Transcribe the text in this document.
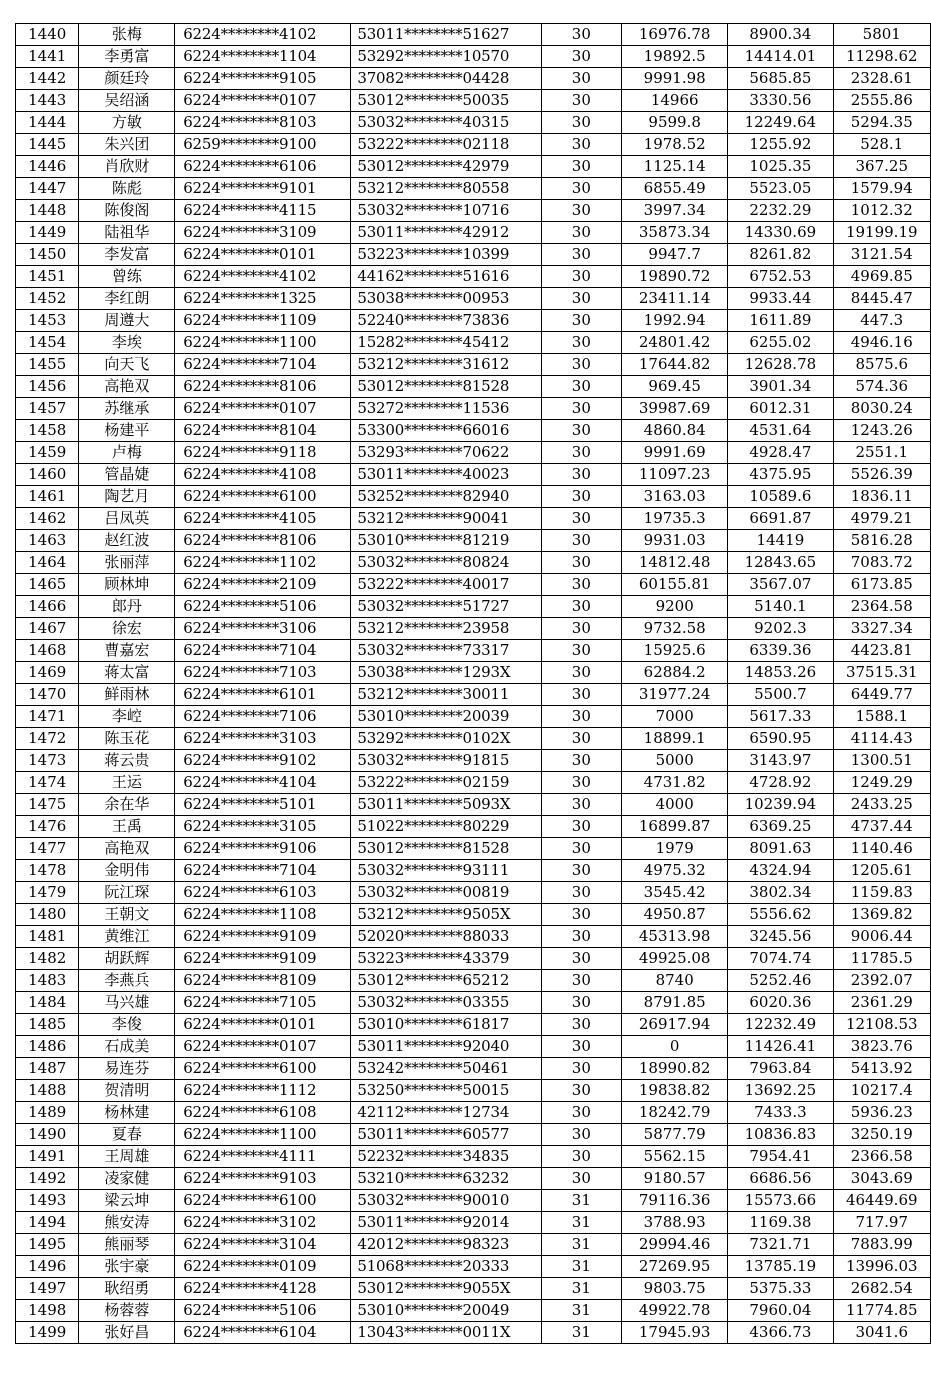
1440	张梅	6224********4102	53011********51627	30	16976.78	8900.34	5801
1441	李勇富	6224********1104	53292********10570	30	19892.5	14414.01	11298.62
1442	颜廷玲	6224********9105	37082********04428	30	9991.98	5685.85	2328.61
1443	吴绍涵	6224********0107	53012********50035	30	14966	3330.56	2555.86
1444	方敏	6224********8103	53032********40315	30	9599.8	12249.64	5294.35
1445	朱兴团	6259********9100	53222********02118	30	1978.52	1255.92	528.1
1446	肖欣财	6224********6106	53012********42979	30	1125.14	1025.35	367.25
1447	陈彪	6224********9101	53212********80558	30	6855.49	5523.05	1579.94
1448	陈俊阁	6224********4115	53032********10716	30	3997.34	2232.29	1012.32
1449	陆祖华	6224********3109	53011********42912	30	35873.34	14330.69	19199.19
1450	李发富	6224********0101	53223********10399	30	9947.7	8261.82	3121.54
1451	曾练	6224********4102	44162********51616	30	19890.72	6752.53	4969.85
1452	李红朗	6224********1325	53038********00953	30	23411.14	9933.44	8445.47
1453	周遵大	6224********1109	52240********73836	30	1992.94	1611.89	447.3
1454	李埃	6224********1100	15282********45412	30	24801.42	6255.02	4946.16
1455	向天飞	6224********7104	53212********31612	30	17644.82	12628.78	8575.6
1456	高艳双	6224********8106	53012********81528	30	969.45	3901.34	574.36
1457	苏继承	6224********0107	53272********11536	30	39987.69	6012.31	8030.24
1458	杨建平	6224********8104	53300********66016	30	4860.84	4531.64	1243.26
1459	卢梅	6224********9118	53293********70622	30	9991.69	4928.47	2551.1
1460	管晶婕	6224********4108	53011********40023	30	11097.23	4375.95	5526.39
1461	陶艺月	6224********6100	53252********82940	30	3163.03	10589.6	1836.11
1462	吕凤英	6224********4105	53212********90041	30	19735.3	6691.87	4979.21
1463	赵红波	6224********8106	53010********81219	30	9931.03	14419	5816.28
1464	张丽萍	6224********1102	53032********80824	30	14812.48	12843.65	7083.72
1465	顾林坤	6224********2109	53222********40017	30	60155.81	3567.07	6173.85
1466	郎丹	6224********5106	53032********51727	30	9200	5140.1	2364.58
1467	徐宏	6224********3106	53212********23958	30	9732.58	9202.3	3327.34
1468	曹嘉宏	6224********7104	53032********73317	30	15925.6	6339.36	4423.81
1469	蒋太富	6224********7103	53038********1293X	30	62884.2	14853.26	37515.31
1470	鲜雨林	6224********6101	53212********30011	30	31977.24	5500.7	6449.77
1471	李崆	6224********7106	53010********20039	30	7000	5617.33	1588.1
1472	陈玉花	6224********3103	53292********0102X	30	18899.1	6590.95	4114.43
1473	蒋云贵	6224********9102	53032********91815	30	5000	3143.97	1300.51
1474	王运	6224********4104	53222********02159	30	4731.82	4728.92	1249.29
1475	余在华	6224********5101	53011********5093X	30	4000	10239.94	2433.25
1476	王禹	6224********3105	51022********80229	30	16899.87	6369.25	4737.44
1477	高艳双	6224********9106	53012********81528	30	1979	8091.63	1140.46
1478	金明伟	6224********7104	53032********93111	30	4975.32	4324.94	1205.61
1479	阮江琛	6224********6103	53032********00819	30	3545.42	3802.34	1159.83
1480	王朝文	6224********1108	53212********9505X	30	4950.87	5556.62	1369.82
1481	黄维江	6224********9109	52020********88033	30	45313.98	3245.56	9006.44
1482	胡跃辉	6224********9109	53223********43379	30	49925.08	7074.74	11785.5
1483	李燕兵	6224********8109	53012********65212	30	8740	5252.46	2392.07
1484	马兴雄	6224********7105	53032********03355	30	8791.85	6020.36	2361.29
1485	李俊	6224********0101	53010********61817	30	26917.94	12232.49	12108.53
1486	石成美	6224********0107	53011********92040	30	0	11426.41	3823.76
1487	易连芬	6224********6100	53242********50461	30	18990.82	7963.84	5413.92
1488	贺清明	6224********1112	53250********50015	30	19838.82	13692.25	10217.4
1489	杨林建	6224********6108	42112********12734	30	18242.79	7433.3	5936.23
1490	夏春	6224********1100	53011********60577	30	5877.79	10836.83	3250.19
1491	王周雄	6224********4111	52232********34835	30	5562.15	7954.41	2366.58
1492	凌家健	6224********9103	53210********63232	30	9180.57	6686.56	3043.69
1493	梁云坤	6224********6100	53032********90010	31	79116.36	15573.66	46449.69
1494	熊安涛	6224********3102	53011********92014	31	3788.93	1169.38	717.97
1495	熊丽琴	6224********3104	42012********98323	31	29994.46	7321.71	7883.99
1496	张宇豪	6224********0109	51068********20333	31	27269.95	13785.19	13996.03
1497	耿绍勇	6224********4128	53012********9055X	31	9803.75	5375.33	2682.54
1498	杨蓉蓉	6224********5106	53010********20049	31	49922.78	7960.04	11774.85
1499	张好昌	6224********6104	13043********0011X	31	17945.93	4366.73	3041.6
